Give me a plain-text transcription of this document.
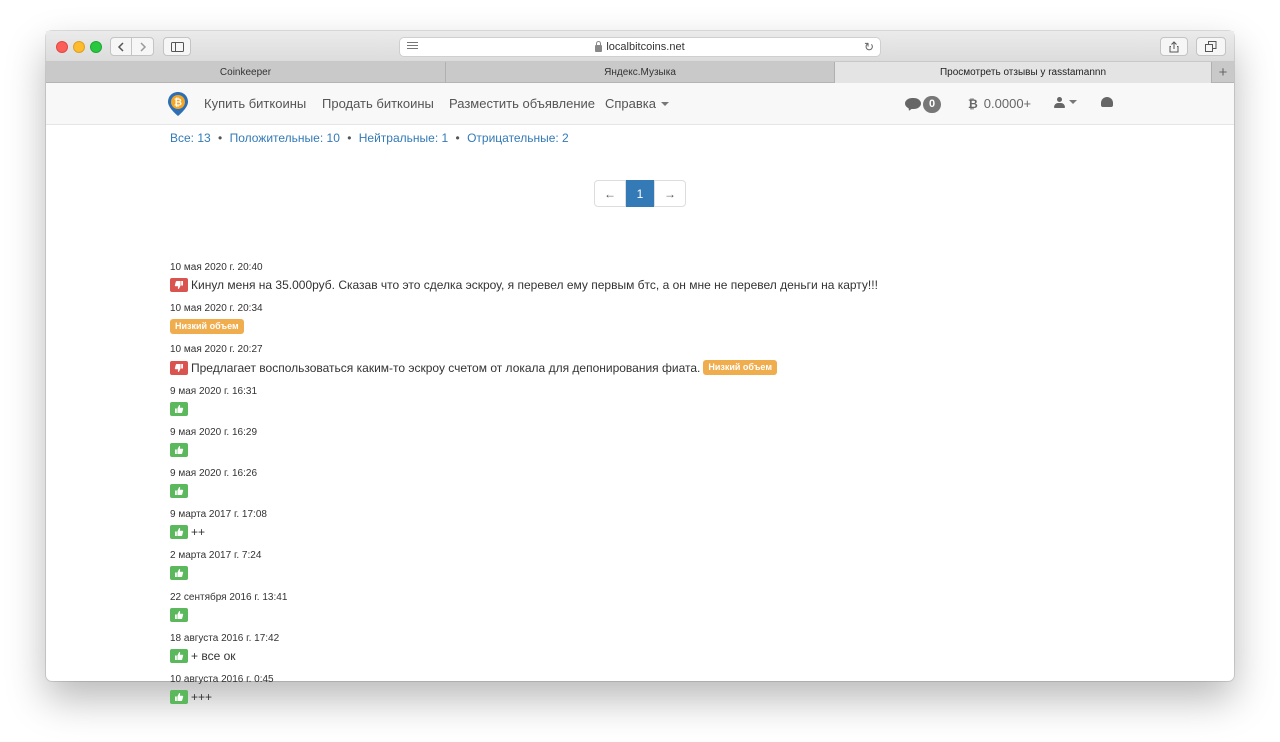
localbitcoins.net	↻
Coinkeeper	Яндекс.Музыка	Просмотреть отзывы у rasstamannn	+
₿ Купить биткоины Продать биткоины Разместить объявление Справка	0	₿ 0.0000+
Все: 13 • Положительные: 10 • Нейтральные: 1 • Отрицательные: 2
←	1	→
10 мая 2020 г. 20:40
Кинул меня на 35.000руб. Сказав что это сделка эскроу, я перевел ему первым бтс, а он мне не перевел деньги на карту!!!
10 мая 2020 г. 20:34
Низкий объем
10 мая 2020 г. 20:27
Предлагает воспользоваться каким-то эскроу счетом от локала для депонирования фиата. Низкий объем
9 мая 2020 г. 16:31
9 мая 2020 г. 16:29
9 мая 2020 г. 16:26
9 марта 2017 г. 17:08
++
2 марта 2017 г. 7:24
22 сентября 2016 г. 13:41
18 августа 2016 г. 17:42
+ все ок
10 августа 2016 г. 0:45
+++
